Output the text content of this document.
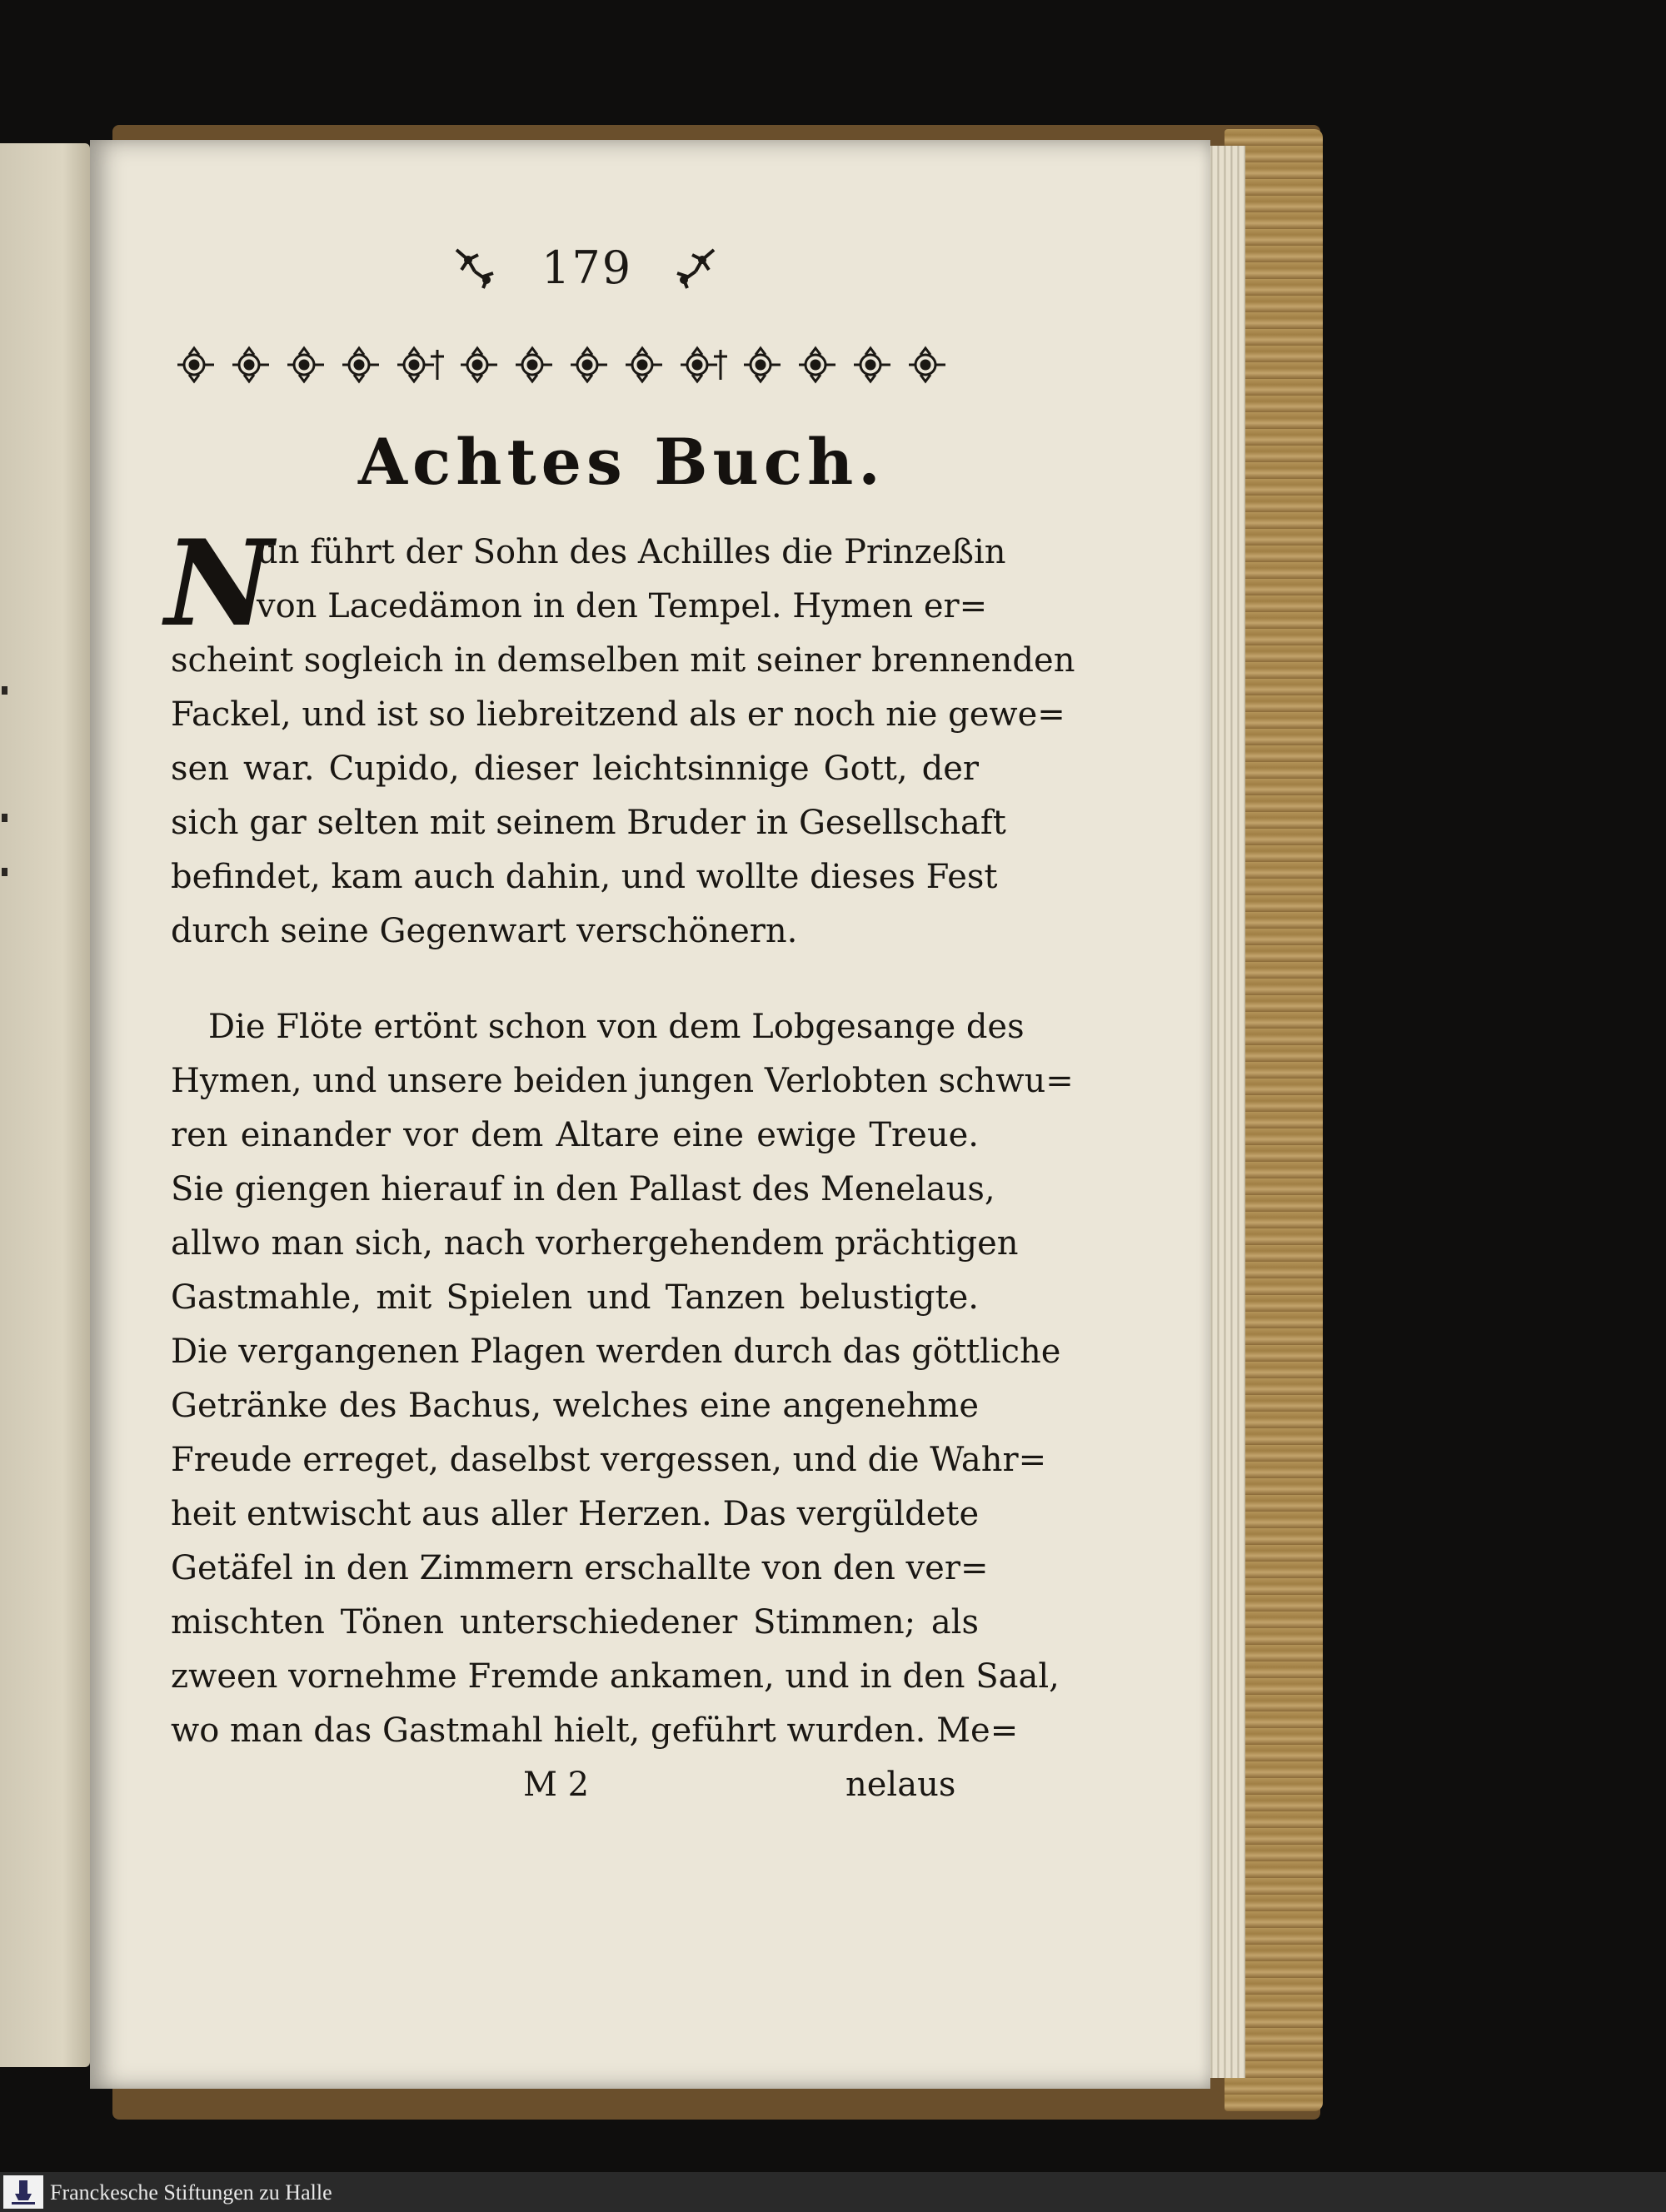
179
Achtes Buch.
N
un führt der Sohn des Achilles die Prinzeßin
von Lacedämon in den Tempel. Hymen er=
scheint sogleich in demselben mit seiner brennenden
Fackel, und ist so liebreitzend als er noch nie gewe=
sen war. Cupido, dieser leichtsinnige Gott, der
sich gar selten mit seinem Bruder in Gesellschaft
befindet, kam auch dahin, und wollte dieses Fest
durch seine Gegenwart verschönern.
Die Flöte ertönt schon von dem Lobgesange des
Hymen, und unsere beiden jungen Verlobten schwu=
ren einander vor dem Altare eine ewige Treue.
Sie giengen hierauf in den Pallast des Menelaus,
allwo man sich, nach vorhergehendem prächtigen
Gastmahle, mit Spielen und Tanzen belustigte.
Die vergangenen Plagen werden durch das göttliche
Getränke des Bachus, welches eine angenehme
Freude erreget, daselbst vergessen, und die Wahr=
heit entwischt aus aller Herzen. Das vergüldete
Getäfel in den Zimmern erschallte von den ver=
mischten Tönen unterschiedener Stimmen; als
zween vornehme Fremde ankamen, und in den Saal,
wo man das Gastmahl hielt, geführt wurden. Me=
M 2	nelaus
Franckesche Stiftungen zu Halle
